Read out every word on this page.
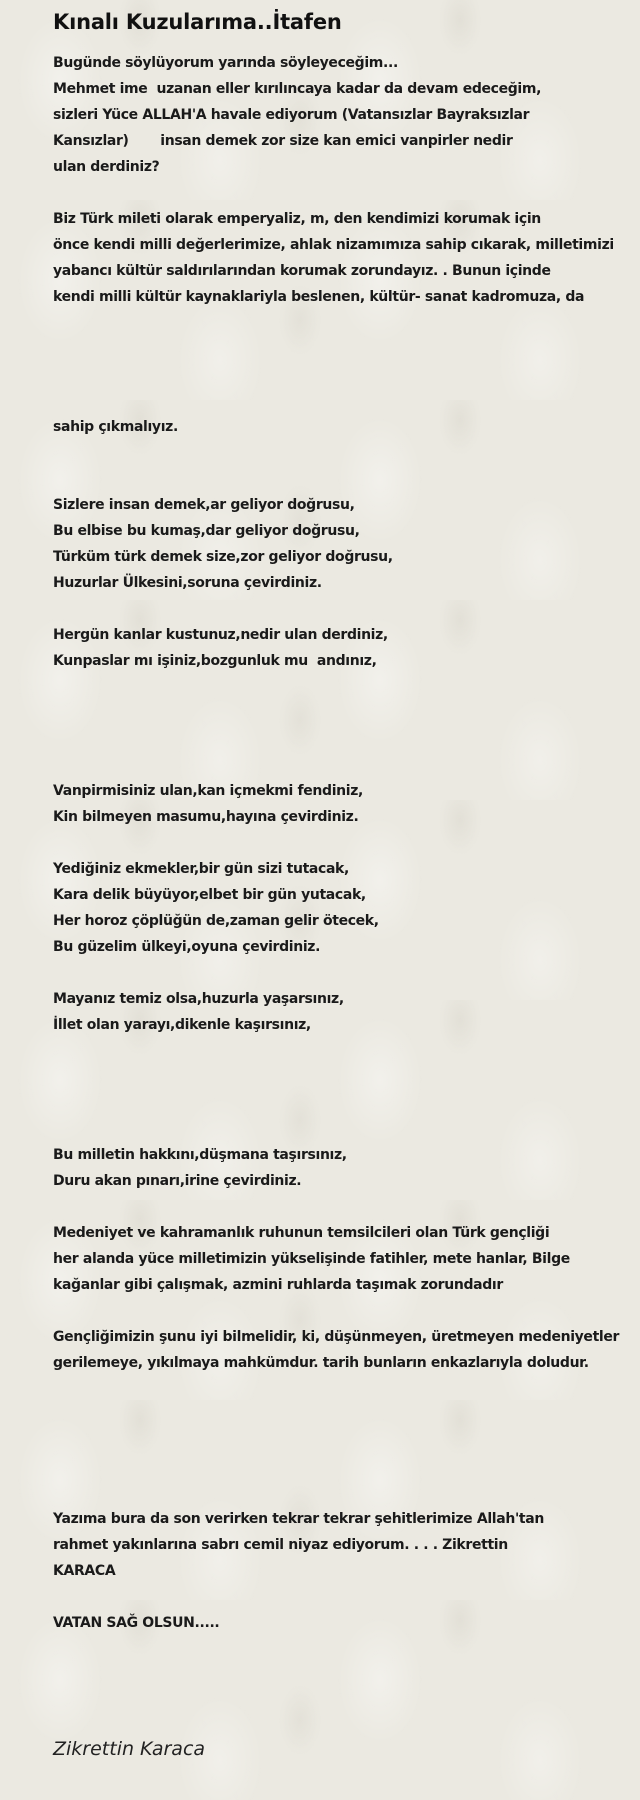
Kınalı Kuzularıma..İtafen
Bugünde söylüyorum yarında söyleyeceğim...
Mehmet ime  uzanan eller kırılıncaya kadar da devam edeceğim,
sizleri Yüce ALLAH'A havale ediyorum (Vatansızlar Bayraksızlar
Kansızlar)       insan demek zor size kan emici vanpirler nedir
ulan derdiniz?
Biz Türk mileti olarak emperyaliz, m, den kendimizi korumak için
önce kendi milli değerlerimize, ahlak nizamımıza sahip cıkarak, milletimizi
yabancı kültür saldırılarından korumak zorundayız. . Bunun içinde
kendi milli kültür kaynaklariyla beslenen, kültür- sanat kadromuza, da
sahip çıkmalıyız.
Sizlere insan demek,ar geliyor doğrusu,
Bu elbise bu kumaş,dar geliyor doğrusu,
Türküm türk demek size,zor geliyor doğrusu,
Huzurlar Ülkesini,soruna çevirdiniz.
Hergün kanlar kustunuz,nedir ulan derdiniz,
Kunpaslar mı işiniz,bozgunluk mu  andınız,
Vanpirmisiniz ulan,kan içmekmi fendiniz,
Kin bilmeyen masumu,hayına çevirdiniz.
Yediğiniz ekmekler,bir gün sizi tutacak,
Kara delik büyüyor,elbet bir gün yutacak,
Her horoz çöplüğün de,zaman gelir ötecek,
Bu güzelim ülkeyi,oyuna çevirdiniz.
Mayanız temiz olsa,huzurla yaşarsınız,
İllet olan yarayı,dikenle kaşırsınız,
Bu milletin hakkını,düşmana taşırsınız,
Duru akan pınarı,irine çevirdiniz.
Medeniyet ve kahramanlık ruhunun temsilcileri olan Türk gençliği
her alanda yüce milletimizin yükselişinde fatihler, mete hanlar, Bilge
kağanlar gibi çalışmak, azmini ruhlarda taşımak zorundadır
Gençliğimizin şunu iyi bilmelidir, ki, düşünmeyen, üretmeyen medeniyetler
gerilemeye, yıkılmaya mahkümdur. tarih bunların enkazlarıyla doludur.
Yazıma bura da son verirken tekrar tekrar şehitlerimize Allah'tan
rahmet yakınlarına sabrı cemil niyaz ediyorum. . . . Zikrettin
KARACA
VATAN SAĞ OLSUN.....
Zikrettin Karaca
